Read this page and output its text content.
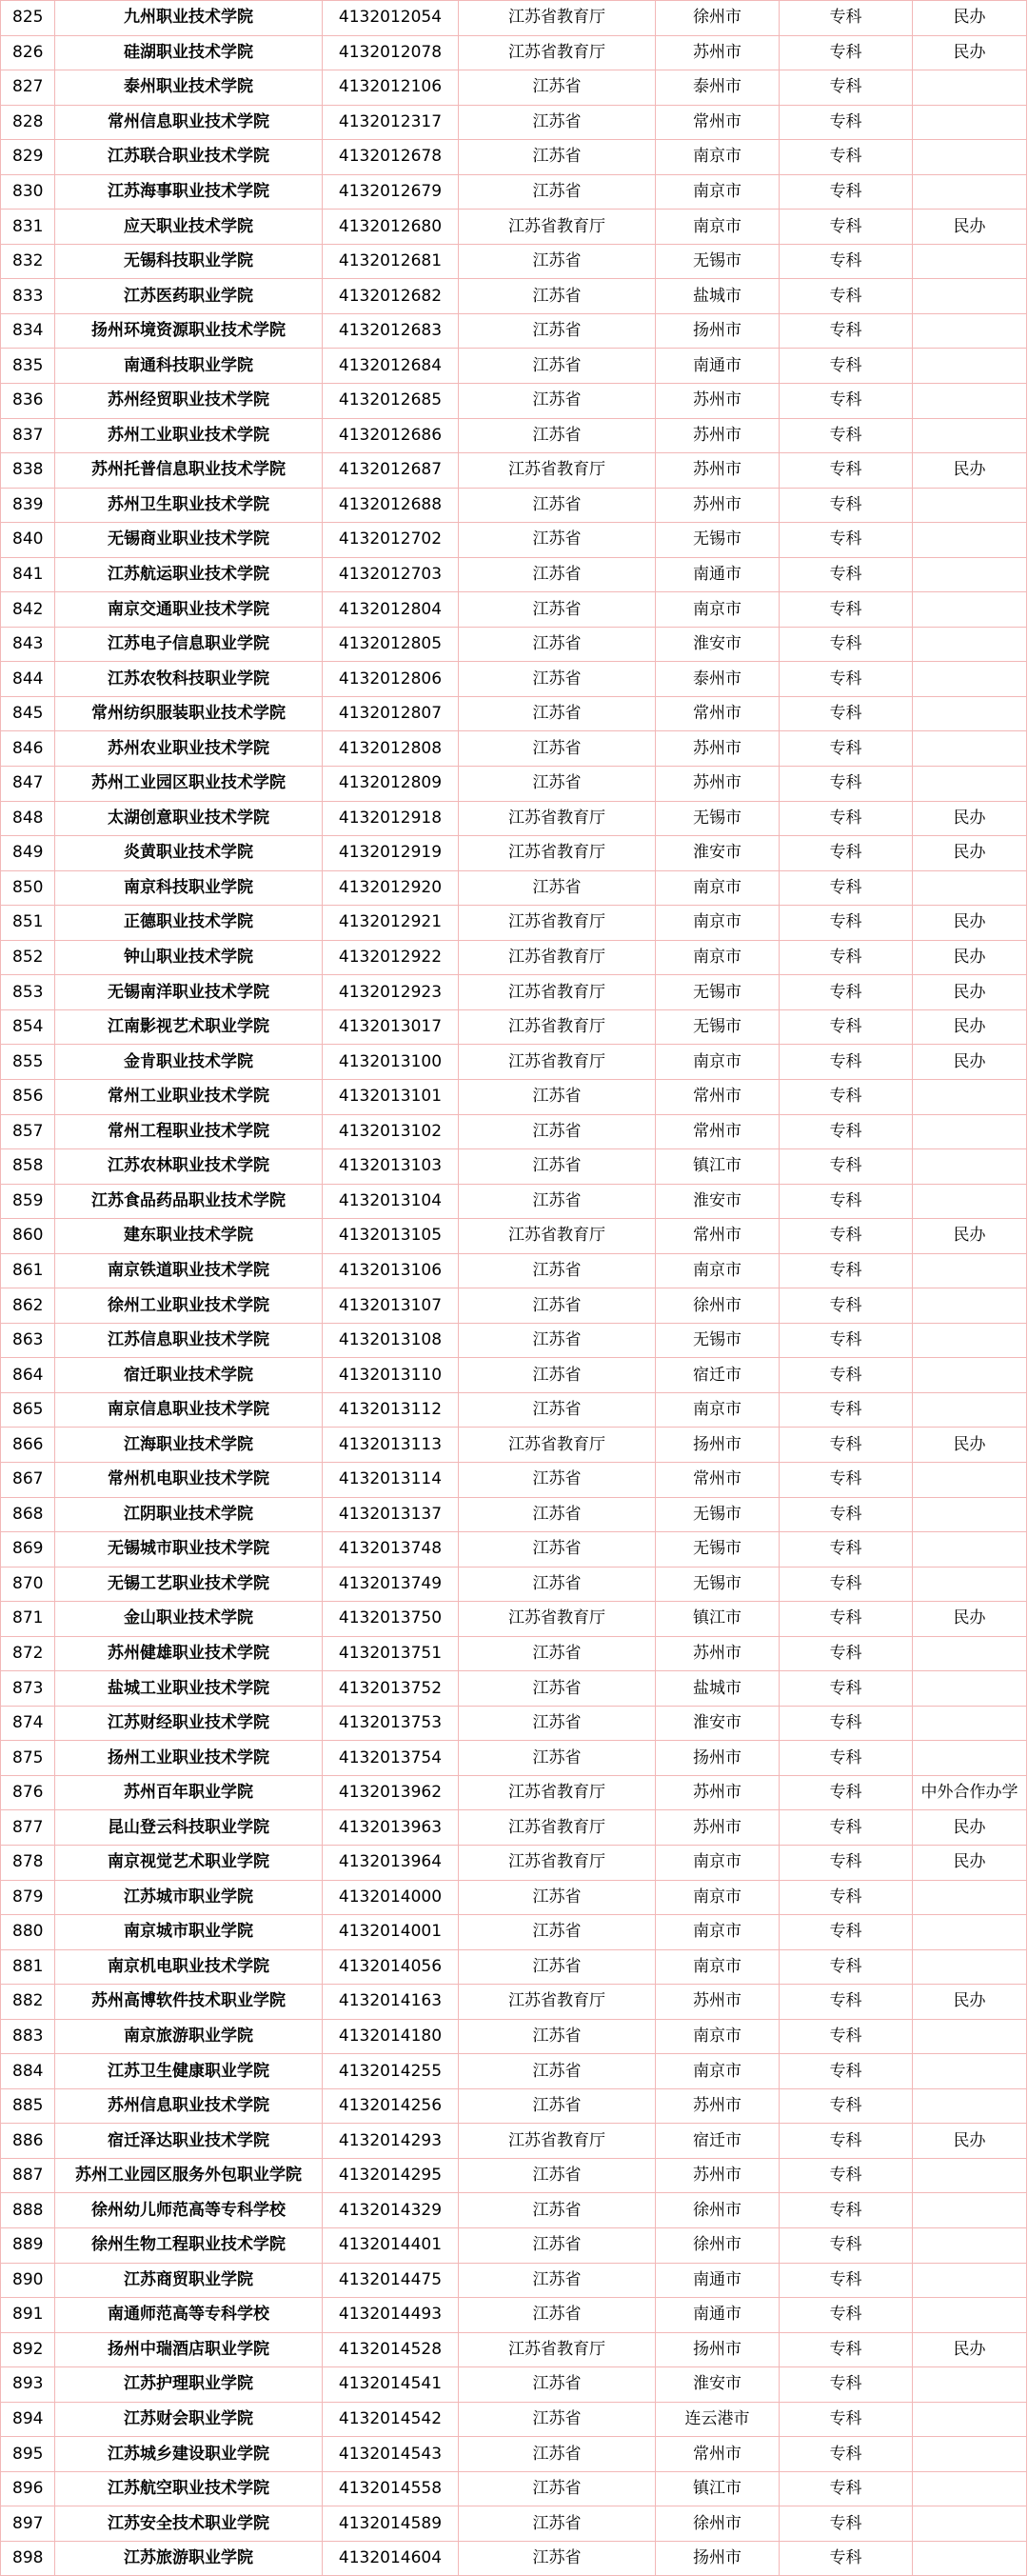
825	九州职业技术学院	4132012054	江苏省教育厅	徐州市	专科	民办
826	硅湖职业技术学院	4132012078	江苏省教育厅	苏州市	专科	民办
827	泰州职业技术学院	4132012106	江苏省	泰州市	专科	
828	常州信息职业技术学院	4132012317	江苏省	常州市	专科	
829	江苏联合职业技术学院	4132012678	江苏省	南京市	专科	
830	江苏海事职业技术学院	4132012679	江苏省	南京市	专科	
831	应天职业技术学院	4132012680	江苏省教育厅	南京市	专科	民办
832	无锡科技职业学院	4132012681	江苏省	无锡市	专科	
833	江苏医药职业学院	4132012682	江苏省	盐城市	专科	
834	扬州环境资源职业技术学院	4132012683	江苏省	扬州市	专科	
835	南通科技职业学院	4132012684	江苏省	南通市	专科	
836	苏州经贸职业技术学院	4132012685	江苏省	苏州市	专科	
837	苏州工业职业技术学院	4132012686	江苏省	苏州市	专科	
838	苏州托普信息职业技术学院	4132012687	江苏省教育厅	苏州市	专科	民办
839	苏州卫生职业技术学院	4132012688	江苏省	苏州市	专科	
840	无锡商业职业技术学院	4132012702	江苏省	无锡市	专科	
841	江苏航运职业技术学院	4132012703	江苏省	南通市	专科	
842	南京交通职业技术学院	4132012804	江苏省	南京市	专科	
843	江苏电子信息职业学院	4132012805	江苏省	淮安市	专科	
844	江苏农牧科技职业学院	4132012806	江苏省	泰州市	专科	
845	常州纺织服装职业技术学院	4132012807	江苏省	常州市	专科	
846	苏州农业职业技术学院	4132012808	江苏省	苏州市	专科	
847	苏州工业园区职业技术学院	4132012809	江苏省	苏州市	专科	
848	太湖创意职业技术学院	4132012918	江苏省教育厅	无锡市	专科	民办
849	炎黄职业技术学院	4132012919	江苏省教育厅	淮安市	专科	民办
850	南京科技职业学院	4132012920	江苏省	南京市	专科	
851	正德职业技术学院	4132012921	江苏省教育厅	南京市	专科	民办
852	钟山职业技术学院	4132012922	江苏省教育厅	南京市	专科	民办
853	无锡南洋职业技术学院	4132012923	江苏省教育厅	无锡市	专科	民办
854	江南影视艺术职业学院	4132013017	江苏省教育厅	无锡市	专科	民办
855	金肯职业技术学院	4132013100	江苏省教育厅	南京市	专科	民办
856	常州工业职业技术学院	4132013101	江苏省	常州市	专科	
857	常州工程职业技术学院	4132013102	江苏省	常州市	专科	
858	江苏农林职业技术学院	4132013103	江苏省	镇江市	专科	
859	江苏食品药品职业技术学院	4132013104	江苏省	淮安市	专科	
860	建东职业技术学院	4132013105	江苏省教育厅	常州市	专科	民办
861	南京铁道职业技术学院	4132013106	江苏省	南京市	专科	
862	徐州工业职业技术学院	4132013107	江苏省	徐州市	专科	
863	江苏信息职业技术学院	4132013108	江苏省	无锡市	专科	
864	宿迁职业技术学院	4132013110	江苏省	宿迁市	专科	
865	南京信息职业技术学院	4132013112	江苏省	南京市	专科	
866	江海职业技术学院	4132013113	江苏省教育厅	扬州市	专科	民办
867	常州机电职业技术学院	4132013114	江苏省	常州市	专科	
868	江阴职业技术学院	4132013137	江苏省	无锡市	专科	
869	无锡城市职业技术学院	4132013748	江苏省	无锡市	专科	
870	无锡工艺职业技术学院	4132013749	江苏省	无锡市	专科	
871	金山职业技术学院	4132013750	江苏省教育厅	镇江市	专科	民办
872	苏州健雄职业技术学院	4132013751	江苏省	苏州市	专科	
873	盐城工业职业技术学院	4132013752	江苏省	盐城市	专科	
874	江苏财经职业技术学院	4132013753	江苏省	淮安市	专科	
875	扬州工业职业技术学院	4132013754	江苏省	扬州市	专科	
876	苏州百年职业学院	4132013962	江苏省教育厅	苏州市	专科	中外合作办学
877	昆山登云科技职业学院	4132013963	江苏省教育厅	苏州市	专科	民办
878	南京视觉艺术职业学院	4132013964	江苏省教育厅	南京市	专科	民办
879	江苏城市职业学院	4132014000	江苏省	南京市	专科	
880	南京城市职业学院	4132014001	江苏省	南京市	专科	
881	南京机电职业技术学院	4132014056	江苏省	南京市	专科	
882	苏州高博软件技术职业学院	4132014163	江苏省教育厅	苏州市	专科	民办
883	南京旅游职业学院	4132014180	江苏省	南京市	专科	
884	江苏卫生健康职业学院	4132014255	江苏省	南京市	专科	
885	苏州信息职业技术学院	4132014256	江苏省	苏州市	专科	
886	宿迁泽达职业技术学院	4132014293	江苏省教育厅	宿迁市	专科	民办
887	苏州工业园区服务外包职业学院	4132014295	江苏省	苏州市	专科	
888	徐州幼儿师范高等专科学校	4132014329	江苏省	徐州市	专科	
889	徐州生物工程职业技术学院	4132014401	江苏省	徐州市	专科	
890	江苏商贸职业学院	4132014475	江苏省	南通市	专科	
891	南通师范高等专科学校	4132014493	江苏省	南通市	专科	
892	扬州中瑞酒店职业学院	4132014528	江苏省教育厅	扬州市	专科	民办
893	江苏护理职业学院	4132014541	江苏省	淮安市	专科	
894	江苏财会职业学院	4132014542	江苏省	连云港市	专科	
895	江苏城乡建设职业学院	4132014543	江苏省	常州市	专科	
896	江苏航空职业技术学院	4132014558	江苏省	镇江市	专科	
897	江苏安全技术职业学院	4132014589	江苏省	徐州市	专科	
898	江苏旅游职业学院	4132014604	江苏省	扬州市	专科	
